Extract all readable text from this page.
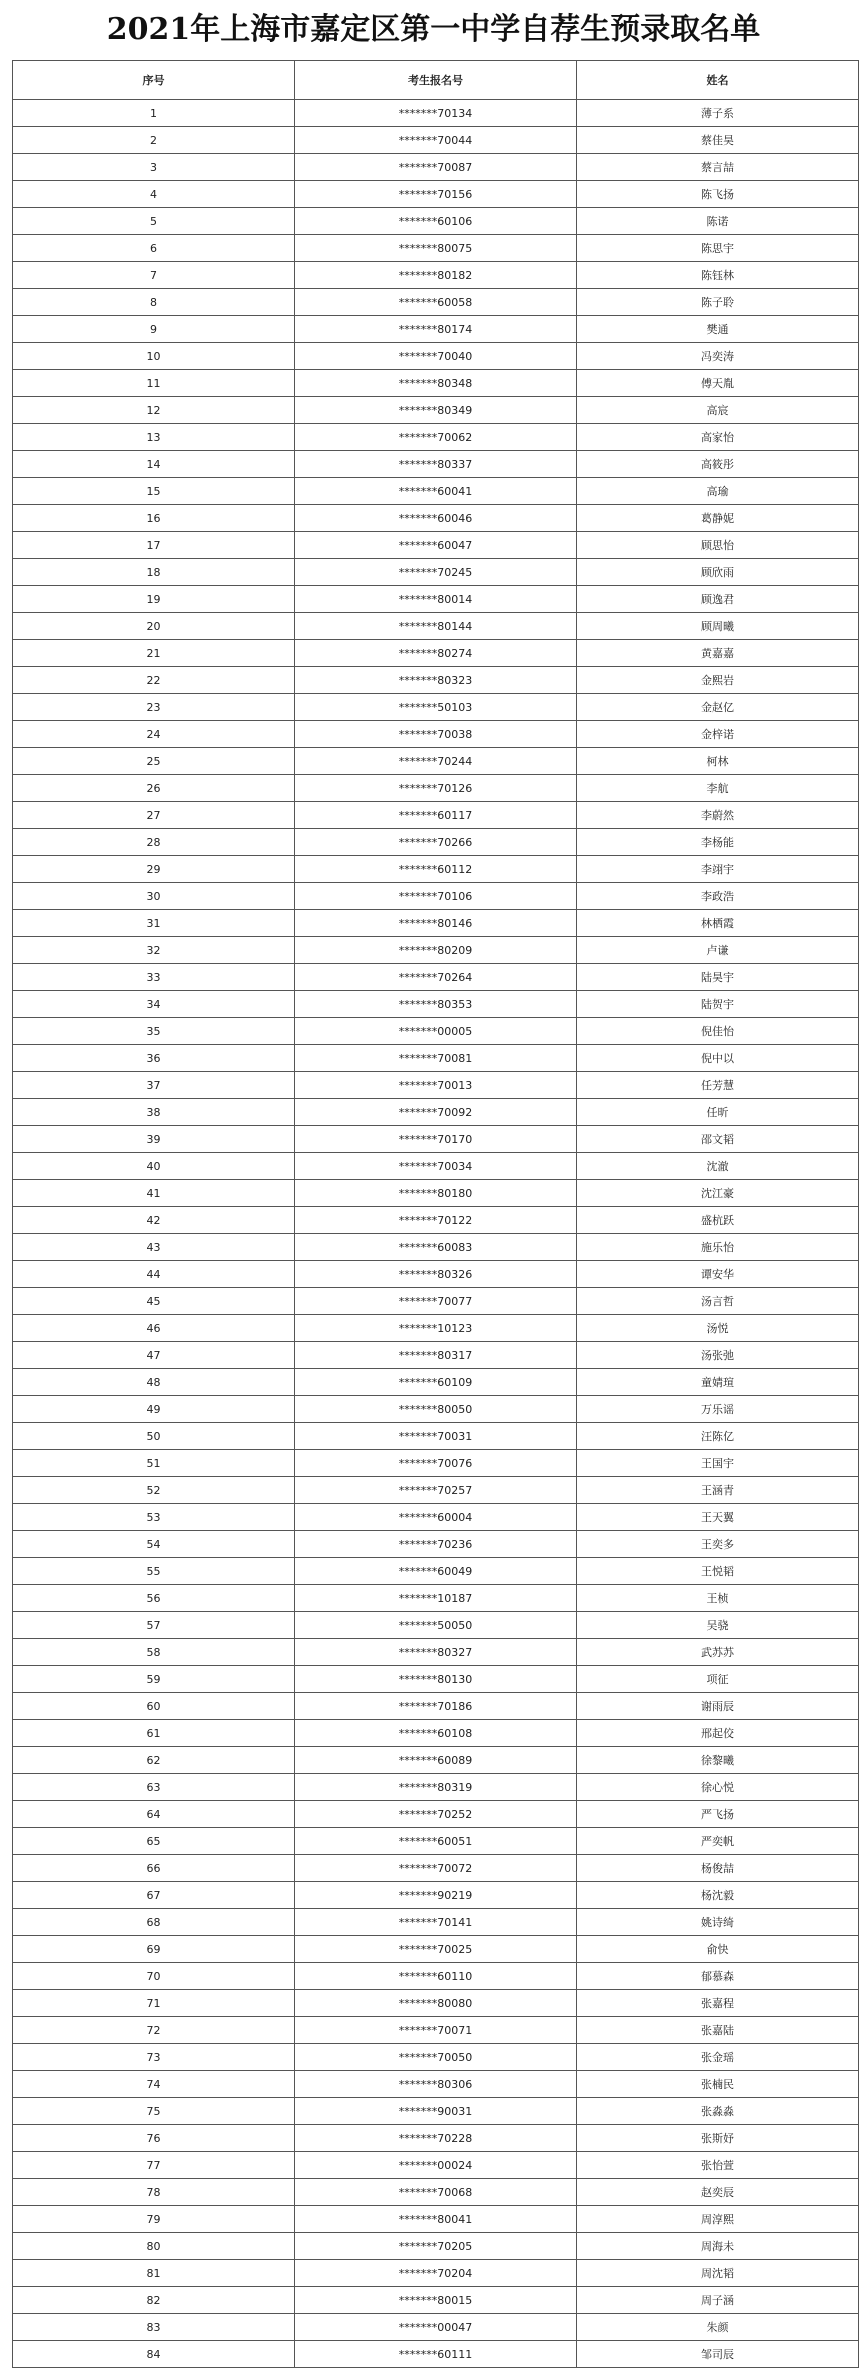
2021年上海市嘉定区第一中学自荐生预录取名单
序号	考生报名号	姓名
1	*******70134	薄子系
2	*******70044	蔡佳昊
3	*******70087	蔡言喆
4	*******70156	陈飞扬
5	*******60106	陈诺
6	*******80075	陈思宇
7	*******80182	陈钰林
8	*******60058	陈子聆
9	*******80174	樊通
10	*******70040	冯奕涛
11	*******80348	傅天胤
12	*******80349	高宸
13	*******70062	高家怡
14	*******80337	高筱彤
15	*******60041	高瑜
16	*******60046	葛静妮
17	*******60047	顾思怡
18	*******70245	顾欣雨
19	*******80014	顾逸君
20	*******80144	顾周曦
21	*******80274	黄嘉嘉
22	*******80323	金熙岩
23	*******50103	金赵亿
24	*******70038	金梓诺
25	*******70244	柯林
26	*******70126	李航
27	*******60117	李蔚然
28	*******70266	李杨能
29	*******60112	李翊宇
30	*******70106	李政浩
31	*******80146	林栖霞
32	*******80209	卢谦
33	*******70264	陆昊宇
34	*******80353	陆贺宇
35	*******00005	倪佳怡
36	*******70081	倪中以
37	*******70013	任芳慧
38	*******70092	任昕
39	*******70170	邵文韬
40	*******70034	沈澈
41	*******80180	沈江豪
42	*******70122	盛杭跃
43	*******60083	施乐怡
44	*******80326	谭安华
45	*******70077	汤言哲
46	*******10123	汤悦
47	*******80317	汤张弛
48	*******60109	童婧瑄
49	*******80050	万乐谣
50	*******70031	汪陈亿
51	*******70076	王国宇
52	*******70257	王涵青
53	*******60004	王天翼
54	*******70236	王奕多
55	*******60049	王悦韬
56	*******10187	王桢
57	*******50050	吴骁
58	*******80327	武苏苏
59	*******80130	项征
60	*******70186	谢雨辰
61	*******60108	邢起佼
62	*******60089	徐黎曦
63	*******80319	徐心悦
64	*******70252	严飞扬
65	*******60051	严奕帆
66	*******70072	杨俊喆
67	*******90219	杨沈毅
68	*******70141	姚诗绮
69	*******70025	俞快
70	*******60110	郁慕森
71	*******80080	张嘉程
72	*******70071	张嘉陆
73	*******70050	张金瑶
74	*******80306	张楠民
75	*******90031	张淼淼
76	*******70228	张斯妤
77	*******00024	张怡萱
78	*******70068	赵奕辰
79	*******80041	周淳熙
80	*******70205	周海未
81	*******70204	周沈韬
82	*******80015	周子涵
83	*******00047	朱颜
84	*******60111	邹司辰
